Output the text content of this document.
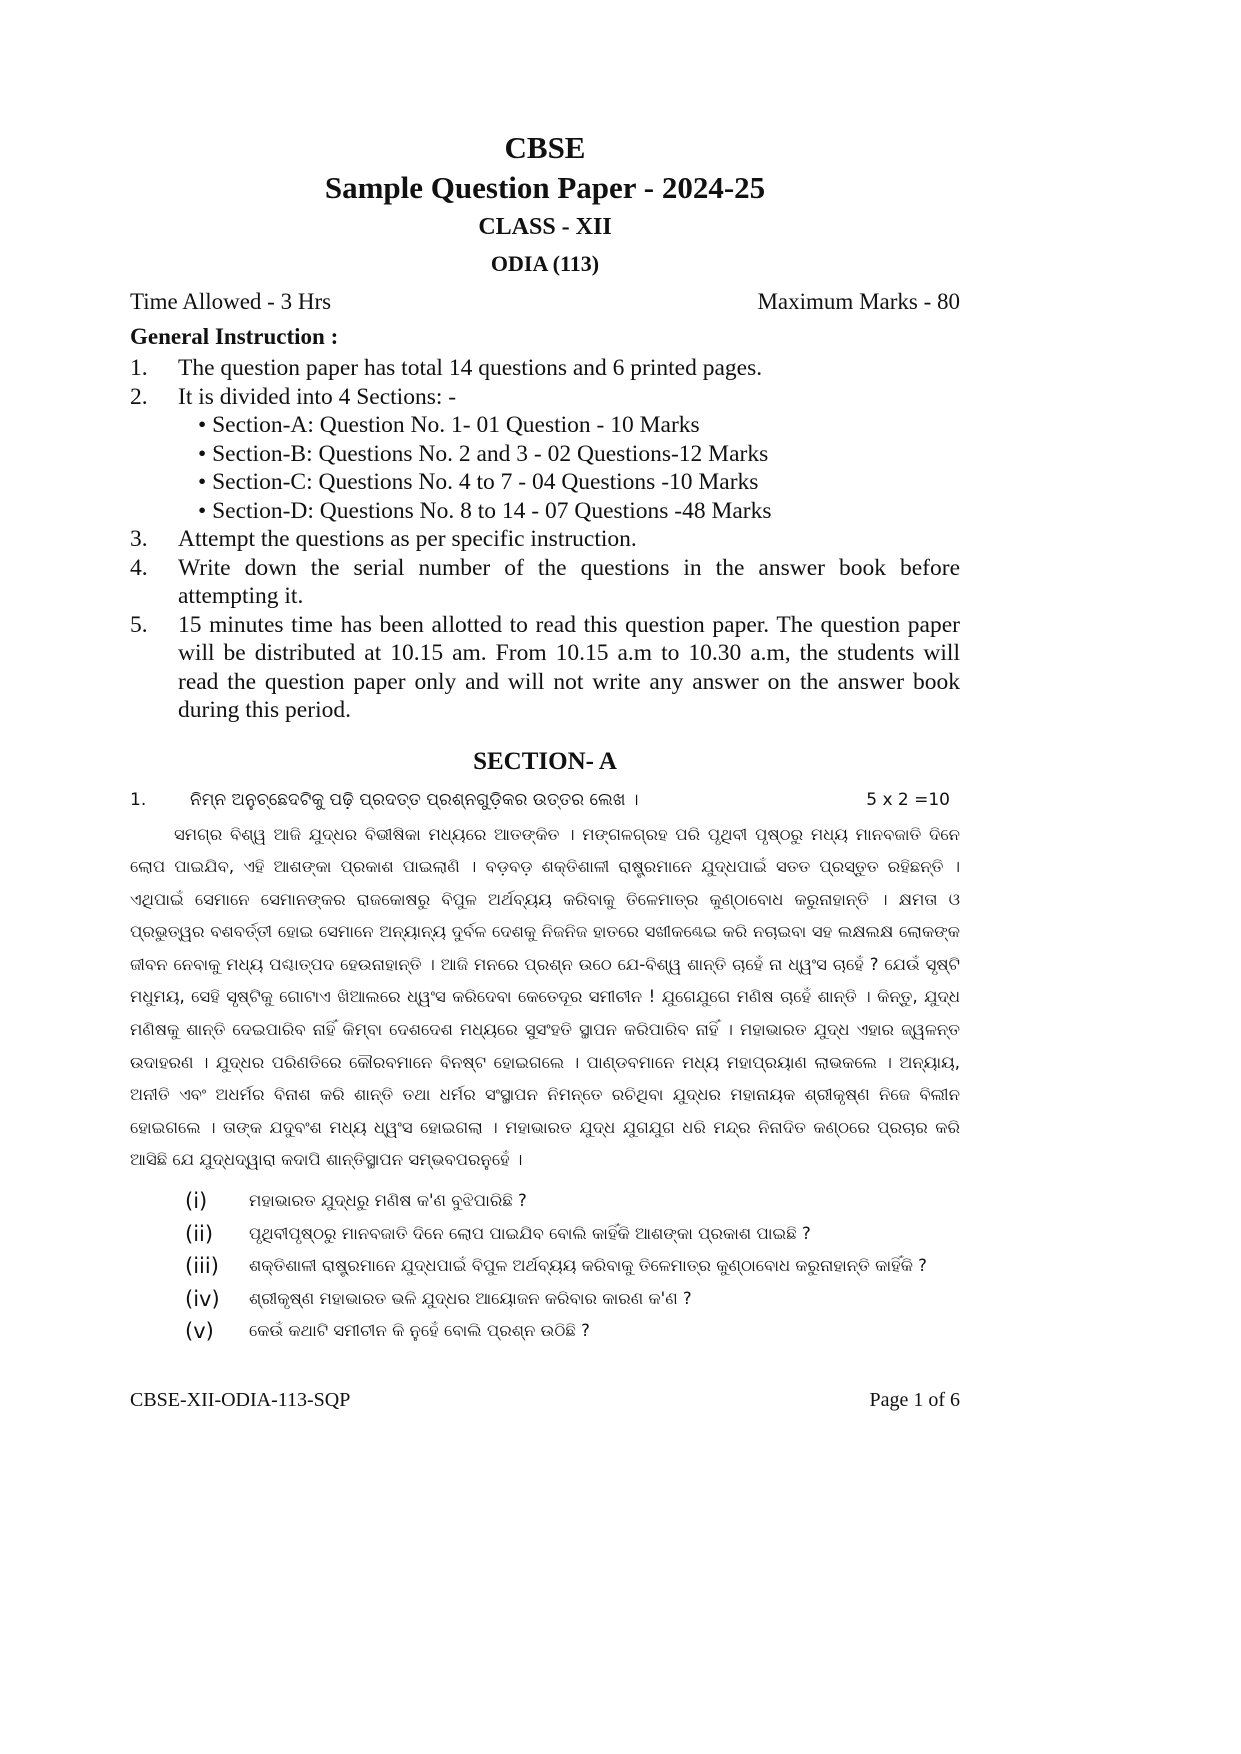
CBSE
Sample Question Paper - 2024-25
CLASS - XII
ODIA (113)
Time Allowed - 3 Hrs	Maximum Marks - 80
General Instruction :
1.	The question paper has total 14 questions and 6 printed pages.
2.	It is divided into 4 Sections: -
• Section-A: Question No. 1- 01 Question - 10 Marks
• Section-B: Questions No. 2 and 3 - 02 Questions-12 Marks
• Section-C: Questions No. 4 to 7 - 04 Questions -10 Marks
• Section-D: Questions No. 8 to 14 - 07 Questions -48 Marks
3.	Attempt the questions as per specific instruction.
4.	Write down the serial number of the questions in the answer book before attempting it.
5.	15 minutes time has been allotted to read this question paper. The question paper will be distributed at 10.15 am. From 10.15 a.m to 10.30 a.m, the students will read the question paper only and will not write any answer on the answer book during this period.
SECTION- A
1.	ନିମ୍ନ ଅନୁଚ୍ଛେଦଟିକୁ ପଢ଼ି ପ୍ରଦତ୍ତ ପ୍ରଶ୍ନଗୁଡ଼ିକର ଉତ୍ତର ଲେଖ ।	5 x 2 =10
ସମଗ୍ର ବିଶ୍ୱ ଆଜି ଯୁଦ୍ଧର ବିଭୀଷିକା ମଧ୍ୟରେ ଆତଙ୍କିତ । ମଙ୍ଗଳଗ୍ରହ ପରି ପୃଥିବୀ ପୃଷ୍ଠରୁ ମଧ୍ୟ ମାନବଜାତି ଦିନେ ଲୋପ ପାଇଯିବ, ଏହି ଆଶଙ୍କା ପ୍ରକାଶ ପାଇଲାଣି । ବଡ଼ବଡ଼ ଶକ୍ତିଶାଳୀ ରାଷ୍ଟ୍ରମାନେ ଯୁଦ୍ଧପାଇଁ ସତତ ପ୍ରସ୍ତୁତ ରହିଛନ୍ତି । ଏଥିପାଇଁ ସେମାନେ ସେମାନଙ୍କର ରାଜକୋଷରୁ ବିପୁଳ ଅର୍ଥବ୍ୟୟ କରିବାକୁ ତିଳେମାତ୍ର କୁଣ୍ଠାବୋଧ କରୁନାହାନ୍ତି । କ୍ଷମତା ଓ ପ୍ରଭୁତ୍ୱର ବଶବର୍ତ୍ତୀ ହୋଇ ସେମାନେ ଅନ୍ୟାନ୍ୟ ଦୁର୍ବଳ ଦେଶକୁ ନିଜନିଜ ହାତରେ ସଖୀକଣ୍ଢେଇ କରି ନଚାଇବା ସହ ଲକ୍ଷଲକ୍ଷ ଲୋକଙ୍କ ଜୀବନ ନେବାକୁ ମଧ୍ୟ ପଶ୍ଚାତ୍ପଦ ହେଉନାହାନ୍ତି । ଆଜି ମନରେ ପ୍ରଶ୍ନ ଉଠେ ଯେ-ବିଶ୍ୱ ଶାନ୍ତି ଚାହେଁ ନା ଧ୍ୱଂସ ଚାହେଁ ? ଯେଉଁ ସୃଷ୍ଟି ମଧୁମୟ, ସେହି ସୃଷ୍ଟିକୁ ଗୋଟାଏ ଖିଆଲରେ ଧ୍ୱଂସ କରିଦେବା କେତେଦୂର ସମୀଚୀନ ! ଯୁଗେଯୁଗେ ମଣିଷ ଚାହେଁ ଶାନ୍ତି । କିନ୍ତୁ, ଯୁଦ୍ଧ ମଣିଷକୁ ଶାନ୍ତି ଦେଇପାରିବ ନାହିଁ କିମ୍ବା ଦେଶଦେଶ ମଧ୍ୟରେ ସୁସଂହତି ସ୍ଥାପନ କରିପାରିବ ନାହିଁ । ମହାଭାରତ ଯୁଦ୍ଧ ଏହାର ଜ୍ୱଳନ୍ତ ଉଦାହରଣ । ଯୁଦ୍ଧର ପରିଣତିରେ କୌରବମାନେ ବିନଷ୍ଟ ହୋଇଗଲେ । ପାଣ୍ଡବମାନେ ମଧ୍ୟ ମହାପ୍ରୟାଣ ଲାଭକଲେ । ଅନ୍ୟାୟ, ଅନୀତି ଏବଂ ଅଧର୍ମର ବିନାଶ କରି ଶାନ୍ତି ତଥା ଧର୍ମର ସଂସ୍ଥାପନ ନିମନ୍ତେ ରଚିଥିବା ଯୁଦ୍ଧର ମହାନାୟକ ଶ୍ରୀକୃଷ୍ଣ ନିଜେ ବିଲୀନ ହୋଇଗଲେ । ତାଙ୍କ ଯଦୁବଂଶ ମଧ୍ୟ ଧ୍ୱଂସ ହୋଇଗଲା । ମହାଭାରତ ଯୁଦ୍ଧ ଯୁଗଯୁଗ ଧରି ମନ୍ଦ୍ର ନିନାଦିତ କଣ୍ଠରେ ପ୍ରଚାର କରି ଆସିଛି ଯେ ଯୁଦ୍ଧଦ୍ୱାରା କଦାପି ଶାନ୍ତିସ୍ଥାପନ ସମ୍ଭବପରନୁହେଁ ।
(i)	ମହାଭାରତ ଯୁଦ୍ଧରୁ ମଣିଷ କ'ଣ ବୁଝିପାରିଛି ?
(ii)	ପୃଥିବୀପୃଷ୍ଠରୁ ମାନବଜାତି ଦିନେ ଲୋପ ପାଇଯିବ ବୋଲି କାହିଁକି ଆଶଙ୍କା ପ୍ରକାଶ ପାଇଛି ?
(iii)	ଶକ୍ତିଶାଳୀ ରାଷ୍ଟ୍ରମାନେ ଯୁଦ୍ଧପାଇଁ ବିପୁଳ ଅର୍ଥବ୍ୟୟ କରିବାକୁ ତିଳେମାତ୍ର କୁଣ୍ଠାବୋଧ କରୁନାହାନ୍ତି କାହିଁକି ?
(iv)	ଶ୍ରୀକୃଷ୍ଣ ମହାଭାରତ ଭଳି ଯୁଦ୍ଧର ଆୟୋଜନ କରିବାର କାରଣ କ'ଣ ?
(v)	କେଉଁ କଥାଟି ସମୀଚୀନ କି ନୁହେଁ ବୋଲି ପ୍ରଶ୍ନ ଉଠିଛି ?
CBSE-XII-ODIA-113-SQP	Page 1 of 6
